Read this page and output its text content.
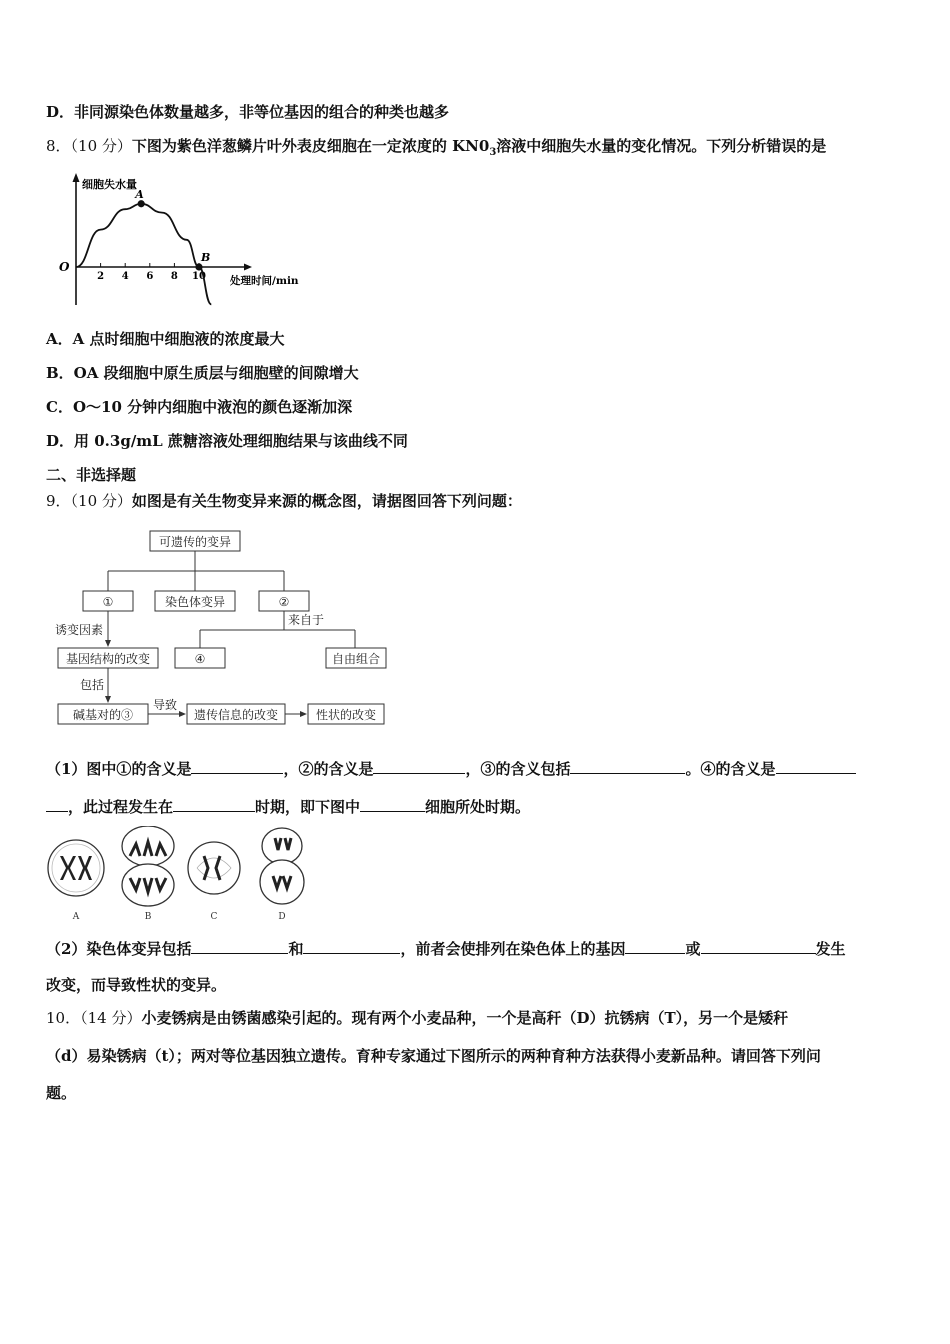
D．非同源染色体数量越多，非等位基因的组合的种类也越多
8．（10 分）下图为紫色洋葱鳞片叶外表皮细胞在一定浓度的 $KN0_3$溶液中细胞失水量的变化情况。下列分析错误的是
细胞失水量
处理时间/min
O
2 4 6 8 10
A
B
A．A 点时细胞中细胞液的浓度最大
B．OA 段细胞中原生质层与细胞壁的间隙增大
C．O～10 分钟内细胞中液泡的颜色逐渐加深
D．用 0.3g/mL 蔗糖溶液处理细胞结果与该曲线不同
二、非选择题
9．（10 分）如图是有关生物变异来源的概念图，请据图回答下列问题：
可遗传的变异
①	染色体变异	②
来自于
诱变因素
基因结构的改变	④	自由组合
包括
碱基对的③
导致
遗传信息的改变	性状的改变
（1）图中①的含义是	，②的含义是	，③的含义包括	。④的含义是
，此过程发生在	时期，即下图中	细胞所处时期。
A	B	C	D
（2）染色体变异包括	和	，前者会使排列在染色体上的基因	或	发生
改变，而导致性状的变异。
10．（14 分）小麦锈病是由锈菌感染引起的。现有两个小麦品种，一个是高秆（D）抗锈病（T），另一个是矮秆
（d）易染锈病（t）；两对等位基因独立遗传。育种专家通过下图所示的两种育种方法获得小麦新品种。请回答下列问
题。
